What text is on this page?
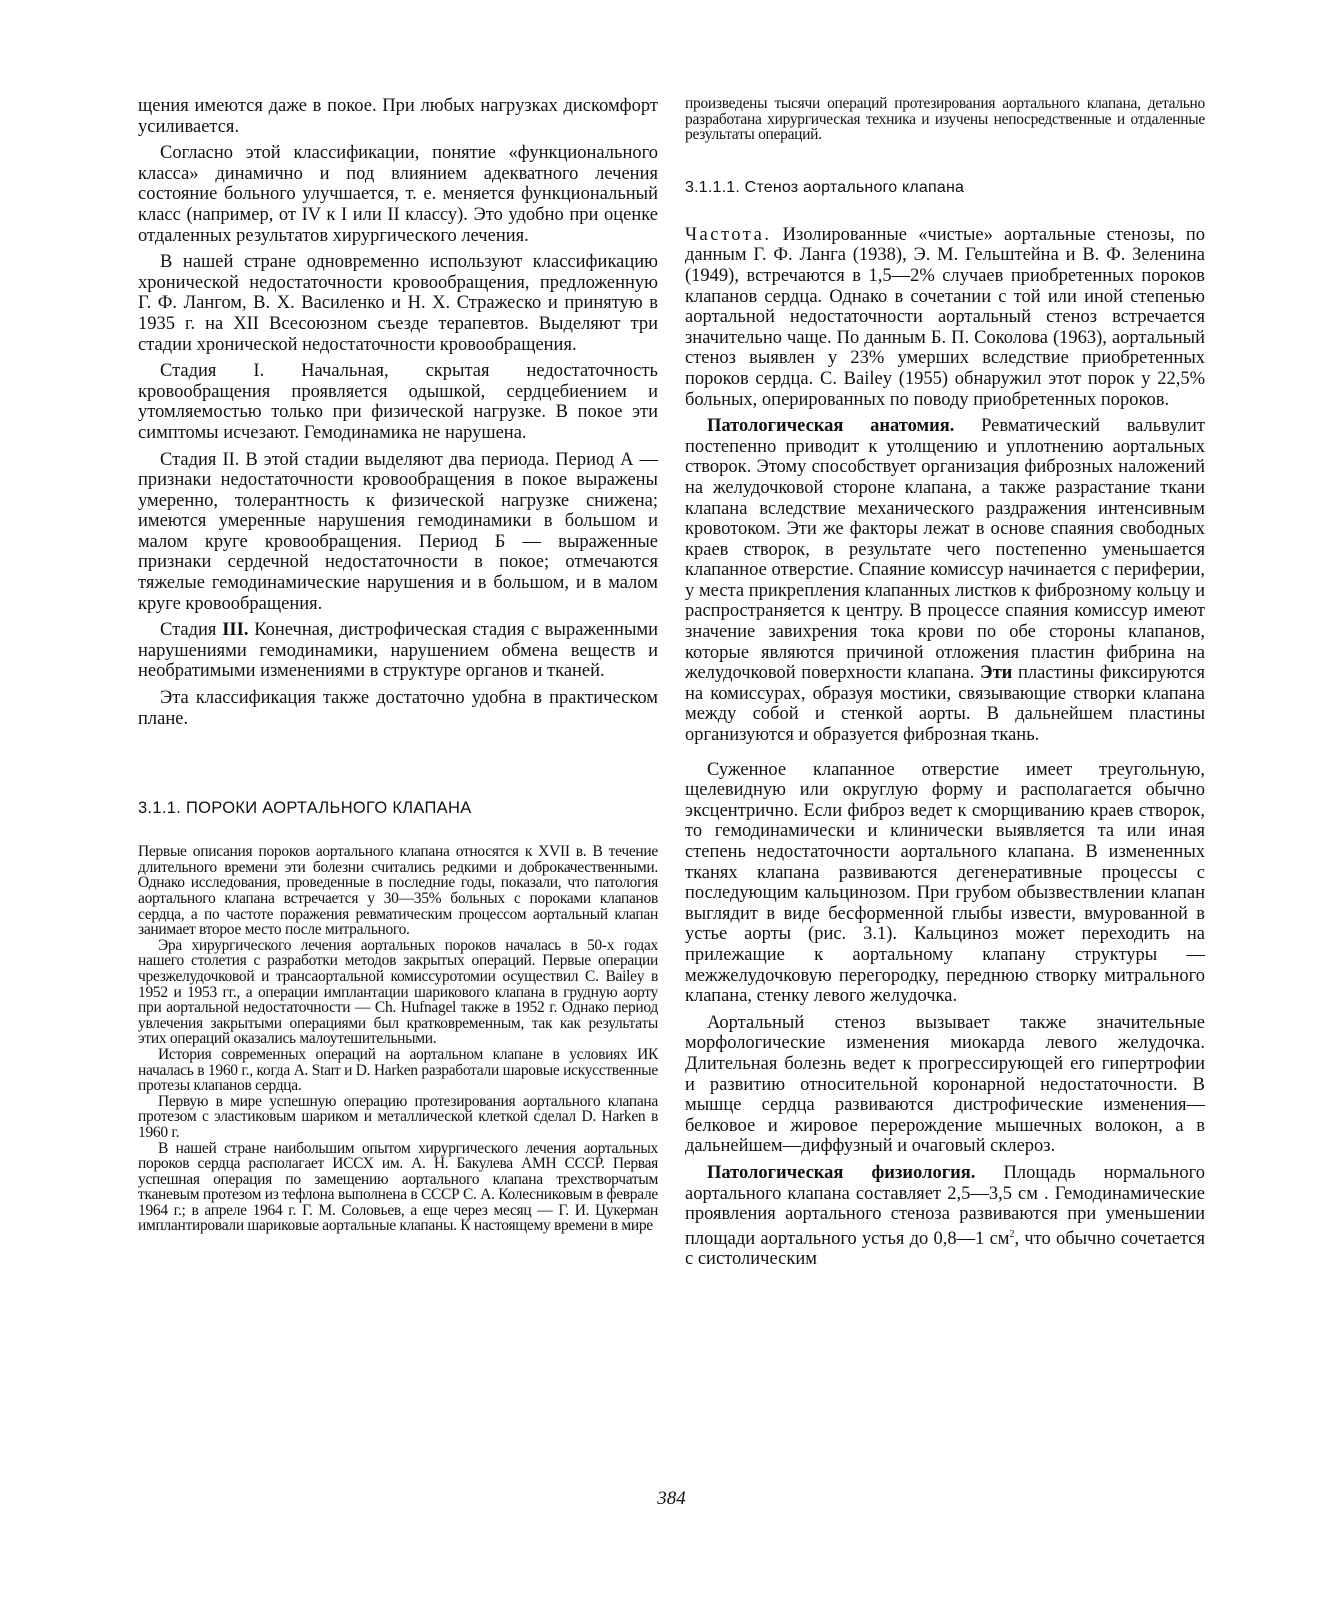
щения имеются даже в покое. При любых нагрузках дискомфорт усиливается.

Согласно этой классификации, понятие «функционального класса» динамично и под влиянием адекватного лечения состояние больного улучшается, т. е. меняется функциональный класс (например, от IV к I или II классу). Это удобно при оценке отдаленных результатов хирургического лечения.

В нашей стране одновременно используют классификацию хронической недостаточности кровообращения, предложенную Г. Ф. Лангом, В. Х. Василенко и Н. Х. Стражеско и принятую в 1935 г. на XII Всесоюзном съезде терапевтов. Выделяют три стадии хронической недостаточности кровообращения.

Стадия I. Начальная, скрытая недостаточность кровообращения проявляется одышкой, сердцебиением и утомляемостью только при физической нагрузке. В покое эти симптомы исчезают. Гемодинамика не нарушена.

Стадия II. В этой стадии выделяют два периода. Период А — признаки недостаточности кровообращения в покое выражены умеренно, толерантность к физической нагрузке снижена; имеются умеренные нарушения гемодинамики в большом и малом круге кровообращения. Период Б — выраженные признаки сердечной недостаточности в покое; отмечаются тяжелые гемодинамические нарушения и в большом, и в малом круге кровообращения.

Стадия III. Конечная, дистрофическая стадия с выраженными нарушениями гемодинамики, нарушением обмена веществ и необратимыми изменениями в структуре органов и тканей.

Эта классификация также достаточно удобна в практическом плане.

3.1.1. ПОРОКИ АОРТАЛЬНОГО КЛАПАНА

Первые описания пороков аортального клапана относятся к XVII в. В течение длительного времени эти болезни считались редкими и доброкачественными. Однако исследования, проведенные в последние годы, показали, что патология аортального клапана встречается у 30—35% больных с пороками клапанов сердца, а по частоте поражения ревматическим процессом аортальный клапан занимает второе место после митрального.

Эра хирургического лечения аортальных пороков началась в 50-х годах нашего столетия с разработки методов закрытых операций. Первые операции чрезжелудочковой и трансаортальной комиссуротомии осуществил C. Bailey в 1952 и 1953 гг., а операции имплантации шарикового клапана в грудную аорту при аортальной недостаточности — Ch. Hufnagel также в 1952 г. Однако период увлечения закрытыми операциями был кратковременным, так как результаты этих операций оказались малоутешительными.

История современных операций на аортальном клапане в условиях ИК началась в 1960 г., когда A. Starr и D. Harken разработали шаровые искусственные протезы клапанов сердца.

Первую в мире успешную операцию протезирования аортального клапана протезом с эластиковым шариком и металлической клеткой сделал D. Harken в 1960 г.

В нашей стране наибольшим опытом хирургического лечения аортальных пороков сердца располагает ИССХ им. А. Н. Бакулева АМН СССР. Первая успешная операция по замещению аортального клапана трехстворчатым тканевым протезом из тефлона выполнена в СССР С. А. Колесниковым в феврале 1964 г.; в апреле 1964 г. Г. М. Соловьев, а еще через месяц — Г. И. Цукерман имплантировали шариковые аортальные клапаны. К настоящему времени в мире

произведены тысячи операций протезирования аортального клапана, детально разработана хирургическая техника и изучены непосредственные и отдаленные результаты операций.

3.1.1.1. Стеноз аортального клапана

Частота. Изолированные «чистые» аортальные стенозы, по данным Г. Ф. Ланга (1938), Э. М. Гельштейна и В. Ф. Зеленина (1949), встречаются в 1,5—2% случаев приобретенных пороков клапанов сердца. Однако в сочетании с той или иной степенью аортальной недостаточности аортальный стеноз встречается значительно чаще. По данным Б. П. Соколова (1963), аортальный стеноз выявлен у 23% умерших вследствие приобретенных пороков сердца. C. Bailey (1955) обнаружил этот порок у 22,5% больных, оперированных по поводу приобретенных пороков.

Патологическая анатомия. Ревматический вальвулит постепенно приводит к утолщению и уплотнению аортальных створок. Этому способствует организация фиброзных наложений на желудочковой стороне клапана, а также разрастание ткани клапана вследствие механического раздражения интенсивным кровотоком. Эти же факторы лежат в основе спаяния свободных краев створок, в результате чего постепенно уменьшается клапанное отверстие. Спаяние комиссур начинается с периферии, у места прикрепления клапанных листков к фиброзному кольцу и распространяется к центру. В процессе спаяния комиссур имеют значение завихрения тока крови по обе стороны клапанов, которые являются причиной отложения пластин фибрина на желудочковой поверхности клапана. Эти пластины фиксируются на комиссурах, образуя мостики, связывающие створки клапана между собой и стенкой аорты. В дальнейшем пластины организуются и образуется фиброзная ткань.

Суженное клапанное отверстие имеет треугольную, щелевидную или округлую форму и располагается обычно эксцентрично. Если фиброз ведет к сморщиванию краев створок, то гемодинамически и клинически выявляется та или иная степень недостаточности аортального клапана. В измененных тканях клапана развиваются дегенеративные процессы с последующим кальцинозом. При грубом обызвествлении клапан выглядит в виде бесформенной глыбы извести, вмурованной в устье аорты (рис. 3.1). Кальциноз может переходить на прилежащие к аортальному клапану структуры — межжелудочковую перегородку, переднюю створку митрального клапана, стенку левого желудочка.

Аортальный стеноз вызывает также значительные морфологические изменения миокарда левого желудочка. Длительная болезнь ведет к прогрессирующей его гипертрофии и развитию относительной коронарной недостаточности. В мышце сердца развиваются дистрофические изменения—белковое и жировое перерождение мышечных волокон, а в дальнейшем—диффузный и очаговый склероз.

Патологическая физиология. Площадь нормального аортального клапана составляет 2,5—3,5 см . Гемодинамические проявления аортального стеноза развиваются при уменьшении площади аортального устья до 0,8—1 $см^2$, что обычно сочетается с систолическим

384
